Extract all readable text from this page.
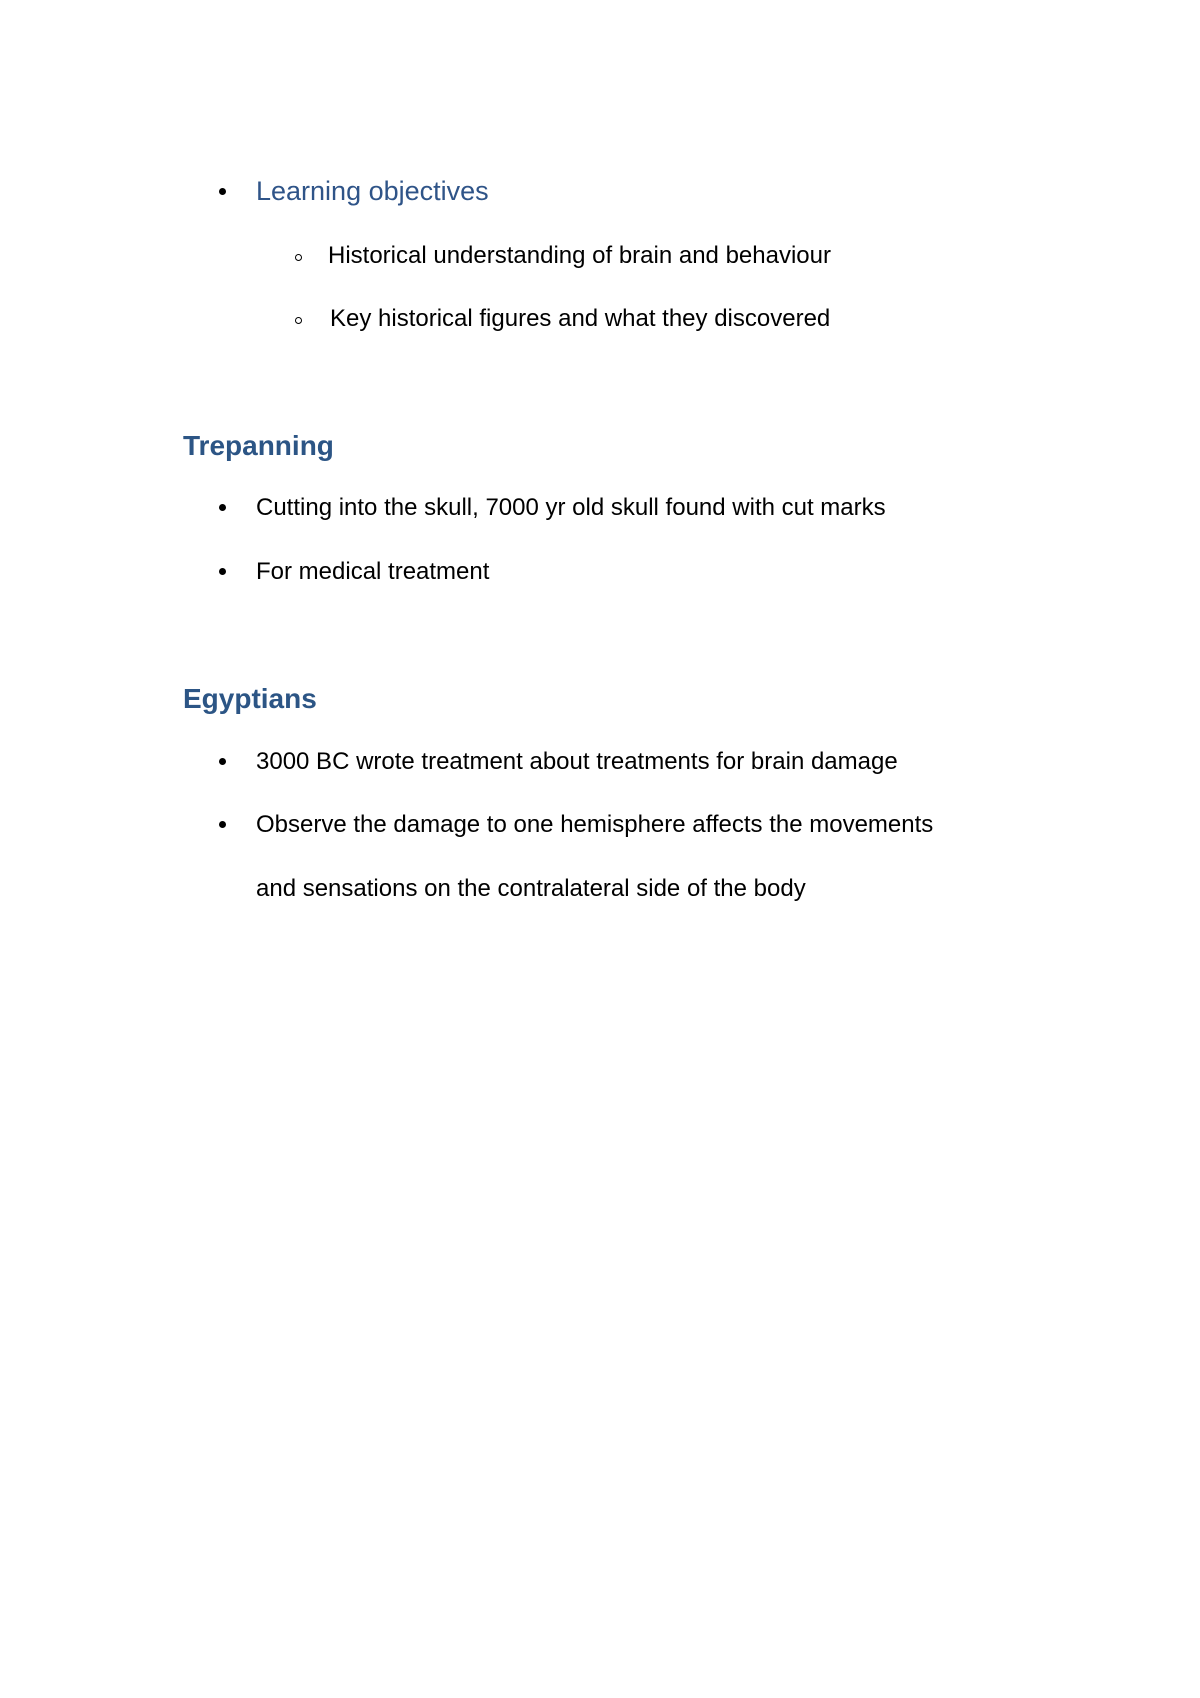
Learning objectives
Historical understanding of brain and behaviour
Key historical figures and what they discovered
Trepanning
Cutting into the skull, 7000 yr old skull found with cut marks
For medical treatment
Egyptians
3000 BC wrote treatment about treatments for brain damage
Observe the damage to one hemisphere affects the movements
and sensations on the contralateral side of the body
